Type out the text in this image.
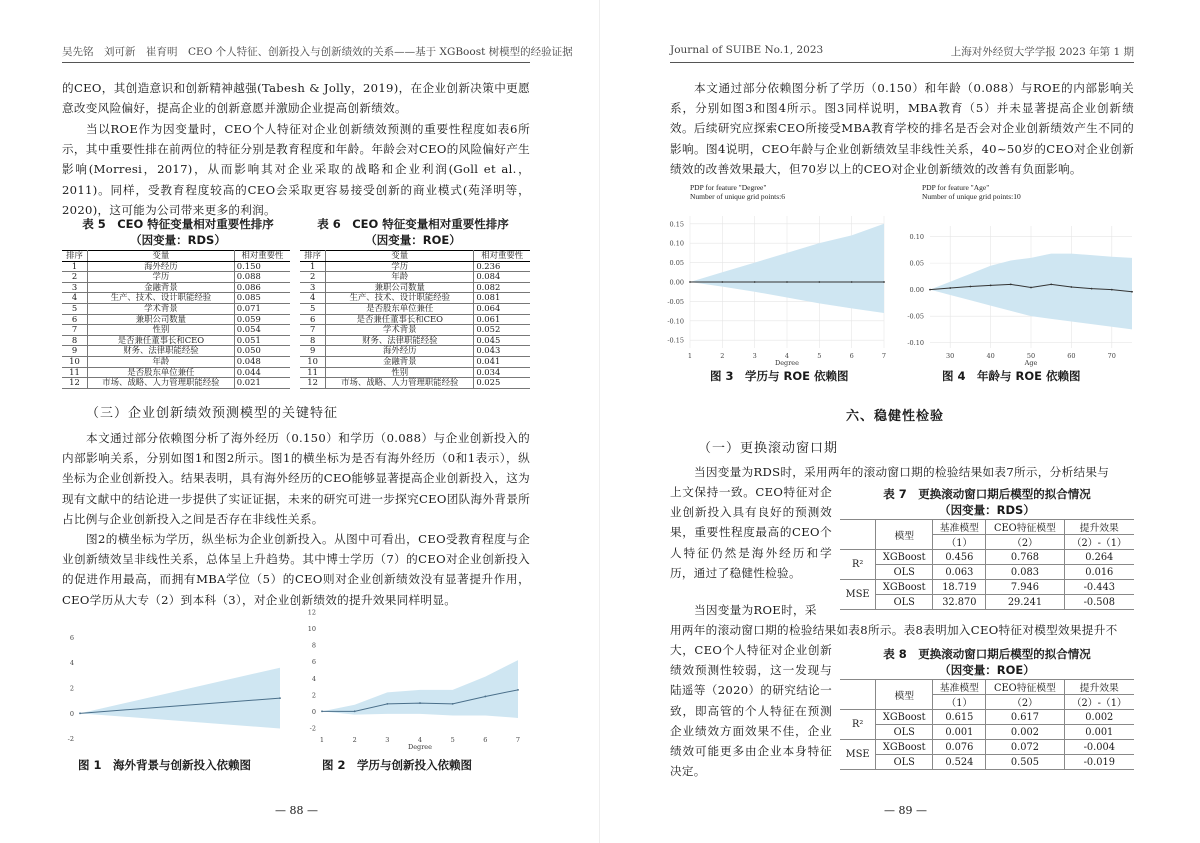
吴先铭　刘可新　崔育明　CEO 个人特征、创新投入与创新绩效的关系——基于 XGBoost 树模型的经验证据
的CEO，其创造意识和创新精神越强(Tabesh & Jolly，2019)，在企业创新决策中更愿意改变风险偏好，提高企业的创新意愿并激励企业提高创新绩效。
当以ROE作为因变量时，CEO个人特征对企业创新绩效预测的重要性程度如表6所示，其中重要性排在前两位的特征分别是教育程度和年龄。年龄会对CEO的风险偏好产生影响(Morresi，2017)，从而影响其对企业采取的战略和企业利润(Goll et al.，2011)。同样，受教育程度较高的CEO会采取更容易接受创新的商业模式(苑泽明等，2020)，这可能为公司带来更多的利润。
表 5　CEO 特征变量相对重要性排序
（因变量：RDS）
表 6　CEO 特征变量相对重要性排序
（因变量：ROE）
排序	变量	相对重要性
1	海外经历	0.150
2	学历	0.088
3	金融背景	0.086
4	生产、技术、设计职能经验	0.085
5	学术背景	0.071
6	兼职公司数量	0.059
7	性别	0.054
8	是否兼任董事长和CEO	0.051
9	财务、法律职能经验	0.050
10	年龄	0.048
11	是否股东单位兼任	0.044
12	市场、战略、人力管理职能经验	0.021
排序	变量	相对重要性
1	学历	0.236
2	年龄	0.084
3	兼职公司数量	0.082
4	生产、技术、设计职能经验	0.081
5	是否股东单位兼任	0.064
6	是否兼任董事长和CEO	0.061
7	学术背景	0.052
8	财务、法律职能经验	0.045
9	海外经历	0.043
10	金融背景	0.041
11	性别	0.034
12	市场、战略、人力管理职能经验	0.025
（三）企业创新绩效预测模型的关键特征
本文通过部分依赖图分析了海外经历（0.150）和学历（0.088）与企业创新投入的内部影响关系，分别如图1和图2所示。图1的横坐标为是否有海外经历（0和1表示），纵坐标为企业创新投入。结果表明，具有海外经历的CEO能够显著提高企业创新投入，这为现有文献中的结论进一步提供了实证证据，未来的研究可进一步探究CEO团队海外背景所占比例与企业创新投入之间是否存在非线性关系。
图2的横坐标为学历，纵坐标为企业创新投入。从图中可看出，CEO受教育程度与企业创新绩效呈非线性关系，总体呈上升趋势。其中博士学历（7）的CEO对企业创新投入的促进作用最高，而拥有MBA学位（5）的CEO则对企业创新绩效没有显著提升作用，CEO学历从大专（2）到本科（3），对企业创新绩效的提升效果同样明显。
-2
0
2
4
6
-2
0
2
4
6
8
10
12
1	2	3	4	5	6	7
Degree
图 1　海外背景与创新投入依赖图	图 2　学历与创新投入依赖图
— 88 —
Journal of SUIBE No.1, 2023	上海对外经贸大学学报 2023 年第 1 期
本文通过部分依赖图分析了学历（0.150）和年龄（0.088）与ROE的内部影响关系，分别如图3和图4所示。图3同样说明，MBA教育（5）并未显著提高企业创新绩效。后续研究应探索CEO所接受MBA教育学校的排名是否会对企业创新绩效产生不同的影响。图4说明，CEO年龄与企业创新绩效呈非线性关系，40~50岁的CEO对企业创新绩效的改善效果最大，但70岁以上的CEO对企业创新绩效的改善有负面影响。
PDP for feature "Degree"
Number of unique grid points:6
PDP for feature "Age"
Number of unique grid points:10
-0.15
-0.10
-0.05
0.00
0.05
0.10
0.15
1	2	3	4	5	6	7
Degree
-0.10
-0.05
0.00
0.05
0.10
30	40	50	60	70
Age
图 3　学历与 ROE 依赖图	图 4　年龄与 ROE 依赖图
六、稳健性检验
（一）更换滚动窗口期
当因变量为RDS时，采用两年的滚动窗口期的检验结果如表7所示，分析结果与
上文保持一致。CEO特征对企业创新投入具有良好的预测效果，重要性程度最高的CEO个人特征仍然是海外经历和学历，通过了稳健性检验。
表 7　更换滚动窗口期后模型的拟合情况
（因变量：RDS）
	模型	基准模型	CEO特征模型	提升效果
		（1）	（2）	（2）-（1）
R²	XGBoost	0.456	0.768	0.264
	OLS	0.063	0.083	0.016
MSE	XGBoost	18.719	7.946	-0.443
	OLS	32.870	29.241	-0.508
当因变量为ROE时，采
用两年的滚动窗口期的检验结果如表8所示。表8表明加入CEO特征对模型效果提升不
大，CEO个人特征对企业创新绩效预测性较弱，这一发现与陆遥等（2020）的研究结论一致，即高管的个人特征在预测企业绩效方面效果不佳，企业绩效可能更多由企业本身特征决定。
表 8　更换滚动窗口期后模型的拟合情况
（因变量：ROE）
	模型	基准模型	CEO特征模型	提升效果
		（1）	（2）	（2）-（1）
R²	XGBoost	0.615	0.617	0.002
	OLS	0.001	0.002	0.001
MSE	XGBoost	0.076	0.072	-0.004
	OLS	0.524	0.505	-0.019
— 89 —
